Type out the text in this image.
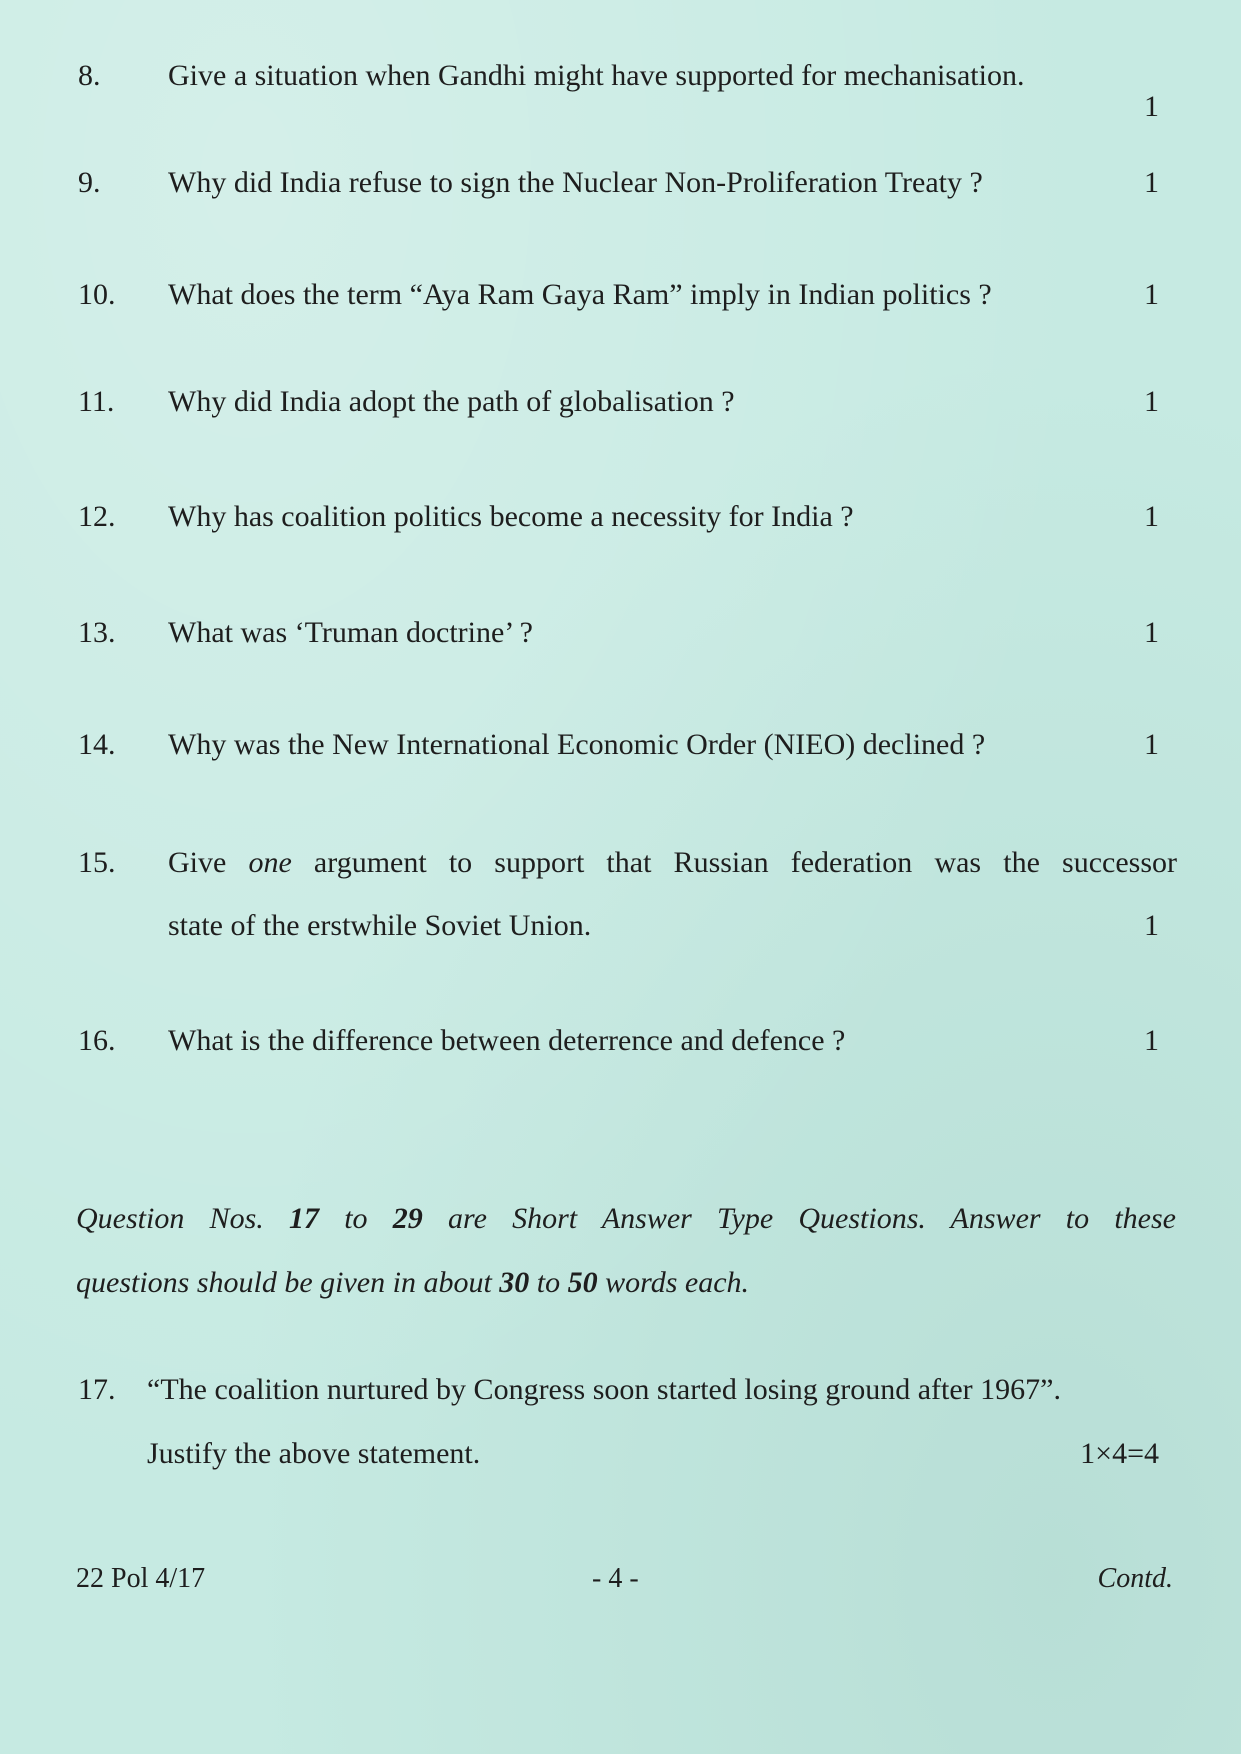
8. Give a situation when Gandhi might have supported for mechanisation.
1
9. Why did India refuse to sign the Nuclear Non-Proliferation Treaty ?	1
10. What does the term “Aya Ram Gaya Ram” imply in Indian politics ?	1
11. Why did India adopt the path of globalisation ?	1
12. Why has coalition politics become a necessity for India ?	1
13. What was ‘Truman doctrine’ ?	1
14. Why was the New International Economic Order (NIEO) declined ?	1
15. Give one argument to support that Russian federation was the successor
state of the erstwhile Soviet Union.	1
16. What is the difference between deterrence and defence ?	1
Question Nos. 17 to 29 are Short Answer Type Questions. Answer to these
questions should be given in about 30 to 50 words each.
17. “The coalition nurtured by Congress soon started losing ground after 1967”.
Justify the above statement.	1×4=4
22 Pol 4/17	- 4 -	Contd.
